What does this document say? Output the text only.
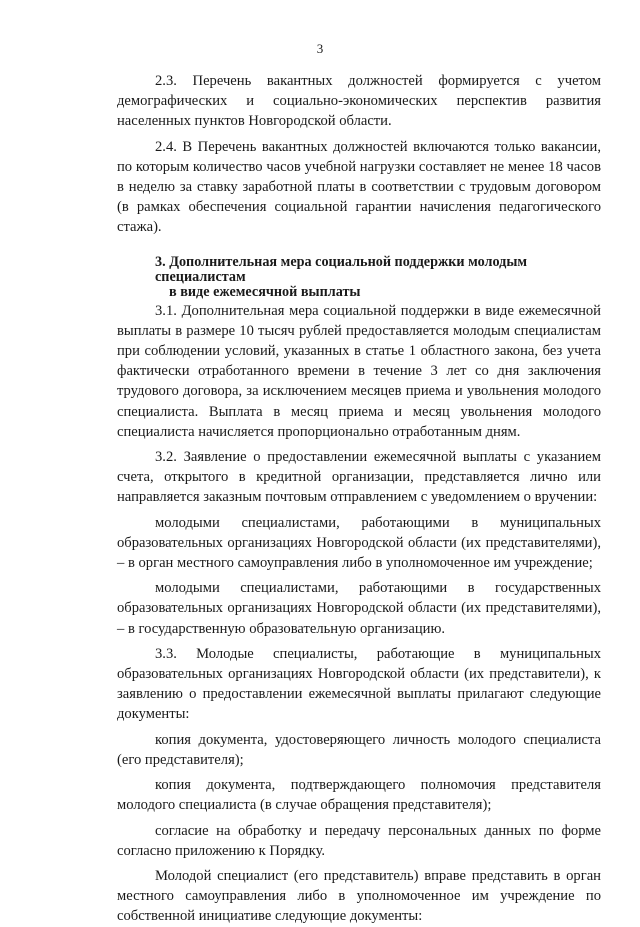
3

2.3. Перечень вакантных должностей формируется с учетом демографических и социально-экономических перспектив развития населенных пунктов Новгородской области.

2.4. В Перечень вакантных должностей включаются только вакансии, по которым количество часов учебной нагрузки составляет не менее 18 часов в неделю за ставку заработной платы в соответствии с трудовым договором (в рамках обеспечения социальной гарантии начисления педагогического стажа).

3. Дополнительная мера социальной поддержки молодым специалистам
в виде ежемесячной выплаты

3.1. Дополнительная мера социальной поддержки в виде ежемесячной выплаты в размере 10 тысяч рублей предоставляется молодым специалистам при соблюдении условий, указанных в статье 1 областного закона, без учета фактически отработанного времени в течение 3 лет со дня заключения трудового договора, за исключением месяцев приема и увольнения молодого специалиста. Выплата в месяц приема и месяц увольнения молодого специалиста начисляется пропорционально отработанным дням.

3.2. Заявление о предоставлении ежемесячной выплаты с указанием счета, открытого в кредитной организации, представляется лично или направляется заказным почтовым отправлением с уведомлением о вручении:

молодыми специалистами, работающими в муниципальных образовательных организациях Новгородской области (их представителями), – в орган местного самоуправления либо в уполномоченное им учреждение;

молодыми специалистами, работающими в государственных образовательных организациях Новгородской области (их представителями), – в государственную образовательную организацию.

3.3. Молодые специалисты, работающие в муниципальных образовательных организациях Новгородской области (их представители), к заявлению о предоставлении ежемесячной выплаты прилагают следующие документы:

копия документа, удостоверяющего личность молодого специалиста (его представителя);

копия документа, подтверждающего полномочия представителя молодого специалиста (в случае обращения представителя);

согласие на обработку и передачу персональных данных по форме согласно приложению к Порядку.

Молодой специалист (его представитель) вправе представить в орган местного самоуправления либо в уполномоченное им учреждение по собственной инициативе следующие документы:
